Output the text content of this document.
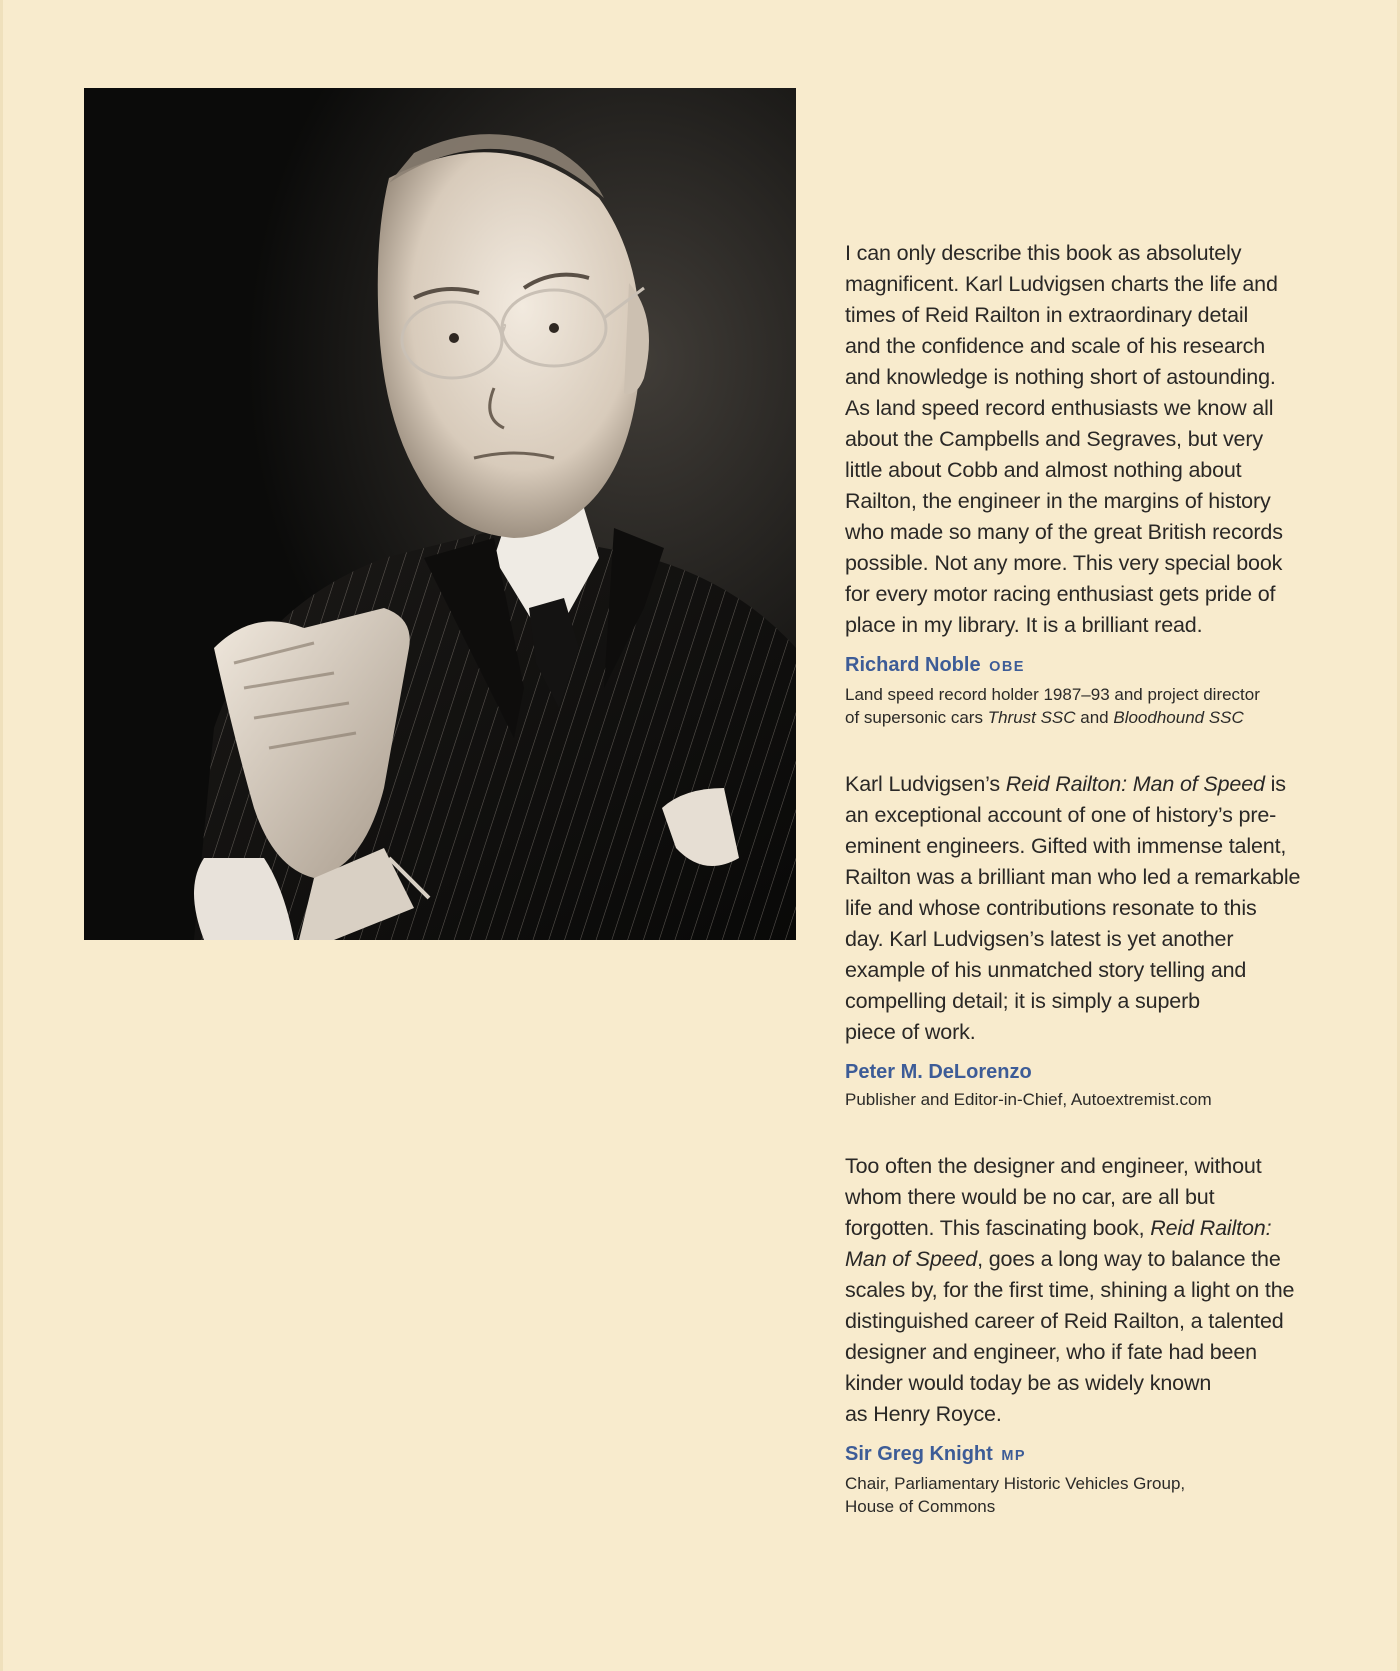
I can only describe this book as absolutely
magnificent. Karl Ludvigsen charts the life and
times of Reid Railton in extraordinary detail
and the confidence and scale of his research
and knowledge is nothing short of astounding.
As land speed record enthusiasts we know all
about the Campbells and Segraves, but very
little about Cobb and almost nothing about
Railton, the engineer in the margins of history
who made so many of the great British records
possible. Not any more. This very special book
for every motor racing enthusiast gets pride of
place in my library. It is a brilliant read.

Richard Noble OBE

Land speed record holder 1987–93 and project director
of supersonic cars Thrust SSC and Bloodhound SSC

Karl Ludvigsen’s Reid Railton: Man of Speed is
an exceptional account of one of history’s pre-
eminent engineers. Gifted with immense talent,
Railton was a brilliant man who led a remarkable
life and whose contributions resonate to this
day. Karl Ludvigsen’s latest is yet another
example of his unmatched story telling and
compelling detail; it is simply a superb
piece of work.

Peter M. DeLorenzo

Publisher and Editor-in-Chief, Autoextremist.com

Too often the designer and engineer, without
whom there would be no car, are all but
forgotten. This fascinating book, Reid Railton:
Man of Speed, goes a long way to balance the
scales by, for the first time, shining a light on the
distinguished career of Reid Railton, a talented
designer and engineer, who if fate had been
kinder would today be as widely known
as Henry Royce.

Sir Greg Knight MP

Chair, Parliamentary Historic Vehicles Group,
House of Commons
